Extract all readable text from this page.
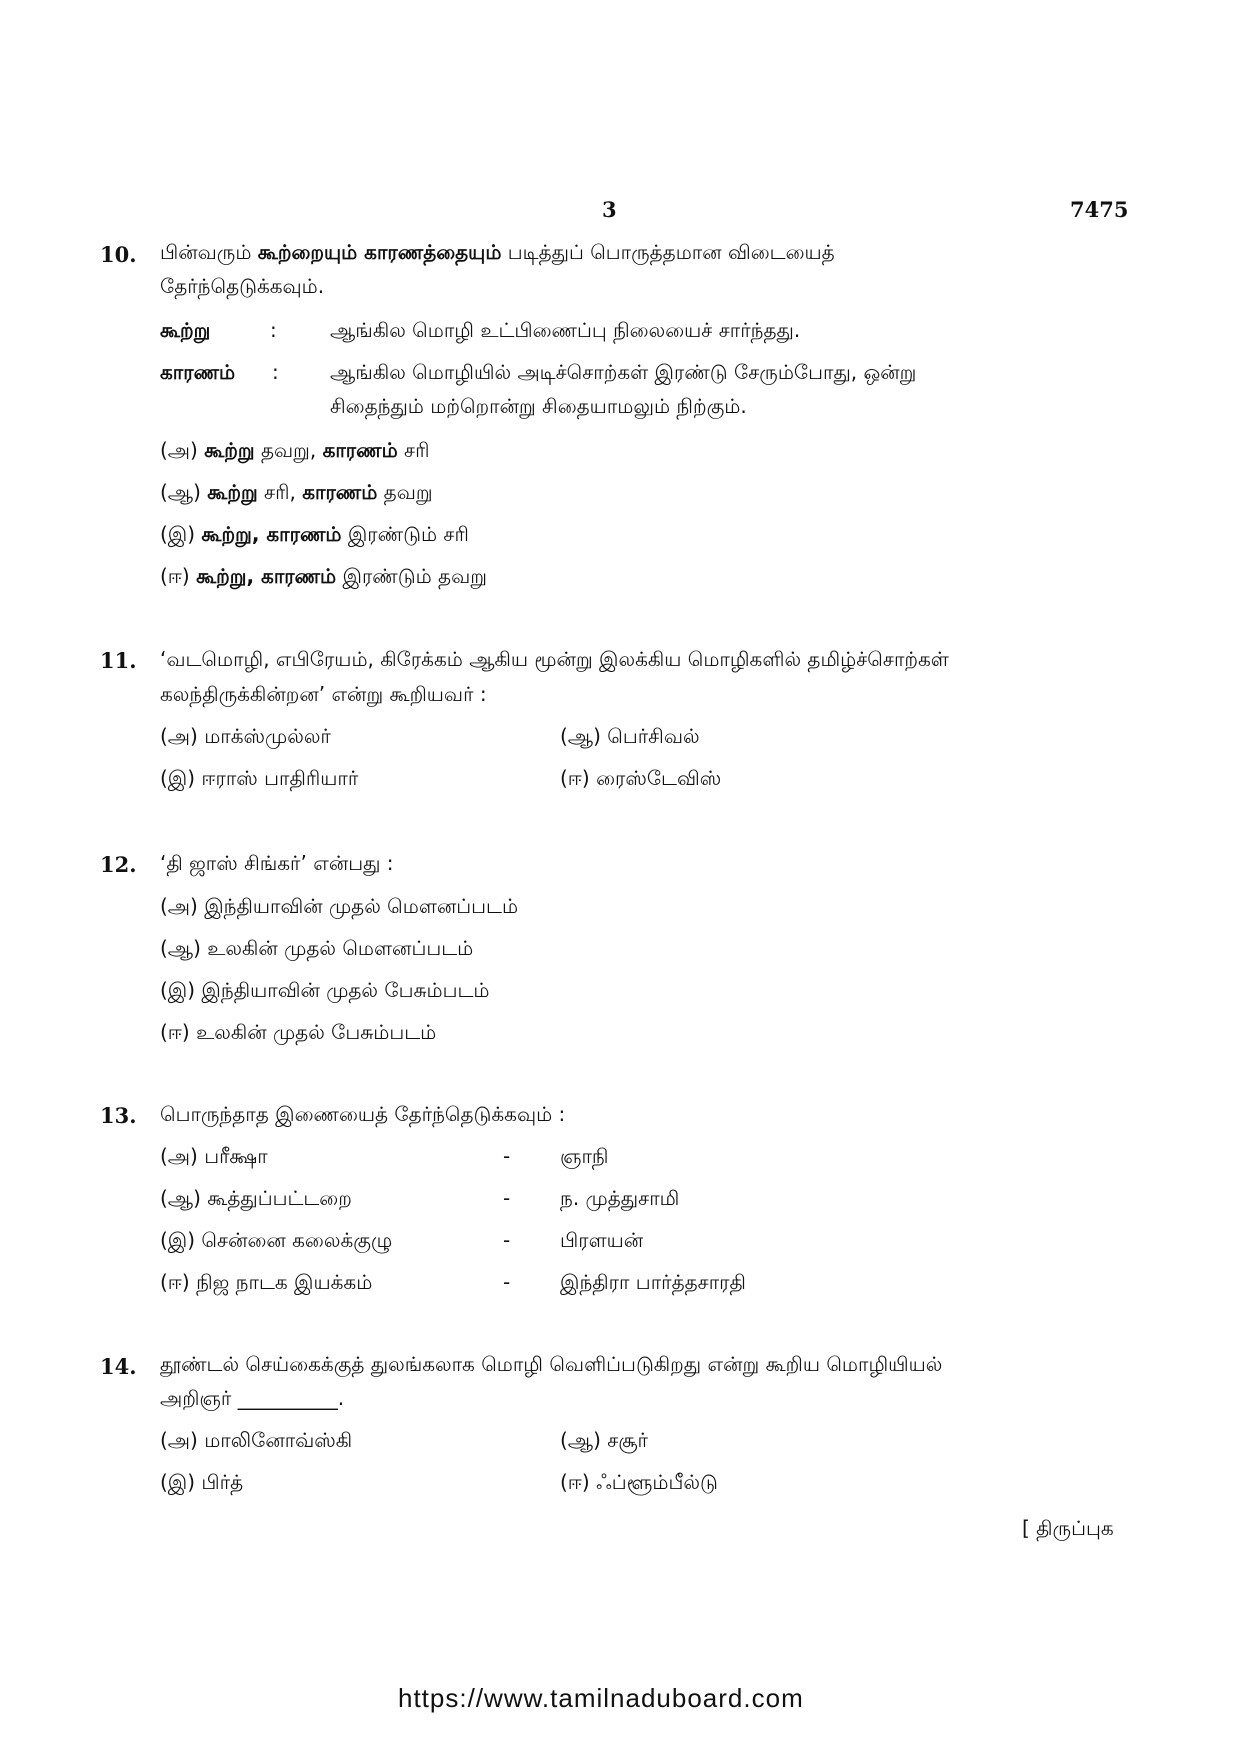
3	7475
10. பின்வரும் கூற்றையும் காரணத்தையும் படித்துப் பொருத்தமான விடையைத்
தேர்ந்தெடுக்கவும்.
கூற்று	:	ஆங்கில மொழி உட்பிணைப்பு நிலையைச் சார்ந்தது.
காரணம் :	ஆங்கில மொழியில் அடிச்சொற்கள் இரண்டு சேரும்போது, ஒன்று
சிதைந்தும் மற்றொன்று சிதையாமலும் நிற்கும்.
(அ) கூற்று தவறு, காரணம் சரி
(ஆ) கூற்று சரி, காரணம் தவறு
(இ) கூற்று, காரணம் இரண்டும் சரி
(ஈ) கூற்று, காரணம் இரண்டும் தவறு
11. ‘வடமொழி, எபிரேயம், கிரேக்கம் ஆகிய மூன்று இலக்கிய மொழிகளில் தமிழ்ச்சொற்கள்
கலந்திருக்கின்றன’ என்று கூறியவர் :
(அ) மாக்ஸ்முல்லர்	(ஆ) பெர்சிவல்
(இ) ஈராஸ் பாதிரியார்	(ஈ) ரைஸ்டேவிஸ்
12. ‘தி ஜாஸ் சிங்கர்’ என்பது :
(அ) இந்தியாவின் முதல் மௌனப்படம்
(ஆ) உலகின் முதல் மௌனப்படம்
(இ) இந்தியாவின் முதல் பேசும்படம்
(ஈ) உலகின் முதல் பேசும்படம்
13. பொருந்தாத இணையைத் தேர்ந்தெடுக்கவும் :
(அ) பரீக்ஷா	- ஞாநி
(ஆ) கூத்துப்பட்டறை	- ந. முத்துசாமி
(இ) சென்னை கலைக்குழு	- பிரளயன்
(ஈ) நிஜ நாடக இயக்கம்	- இந்திரா பார்த்தசாரதி
14. தூண்டல் செய்கைக்குத் துலங்கலாக மொழி வெளிப்படுகிறது என்று கூறிய மொழியியல்
அறிஞர் __________.
(அ) மாலினோவ்ஸ்கி	(ஆ) சசூர்
(இ) பிர்த்	(ஈ) ஃப்ளூம்பீல்டு
[ திருப்புக
https://www.tamilnaduboard.com
